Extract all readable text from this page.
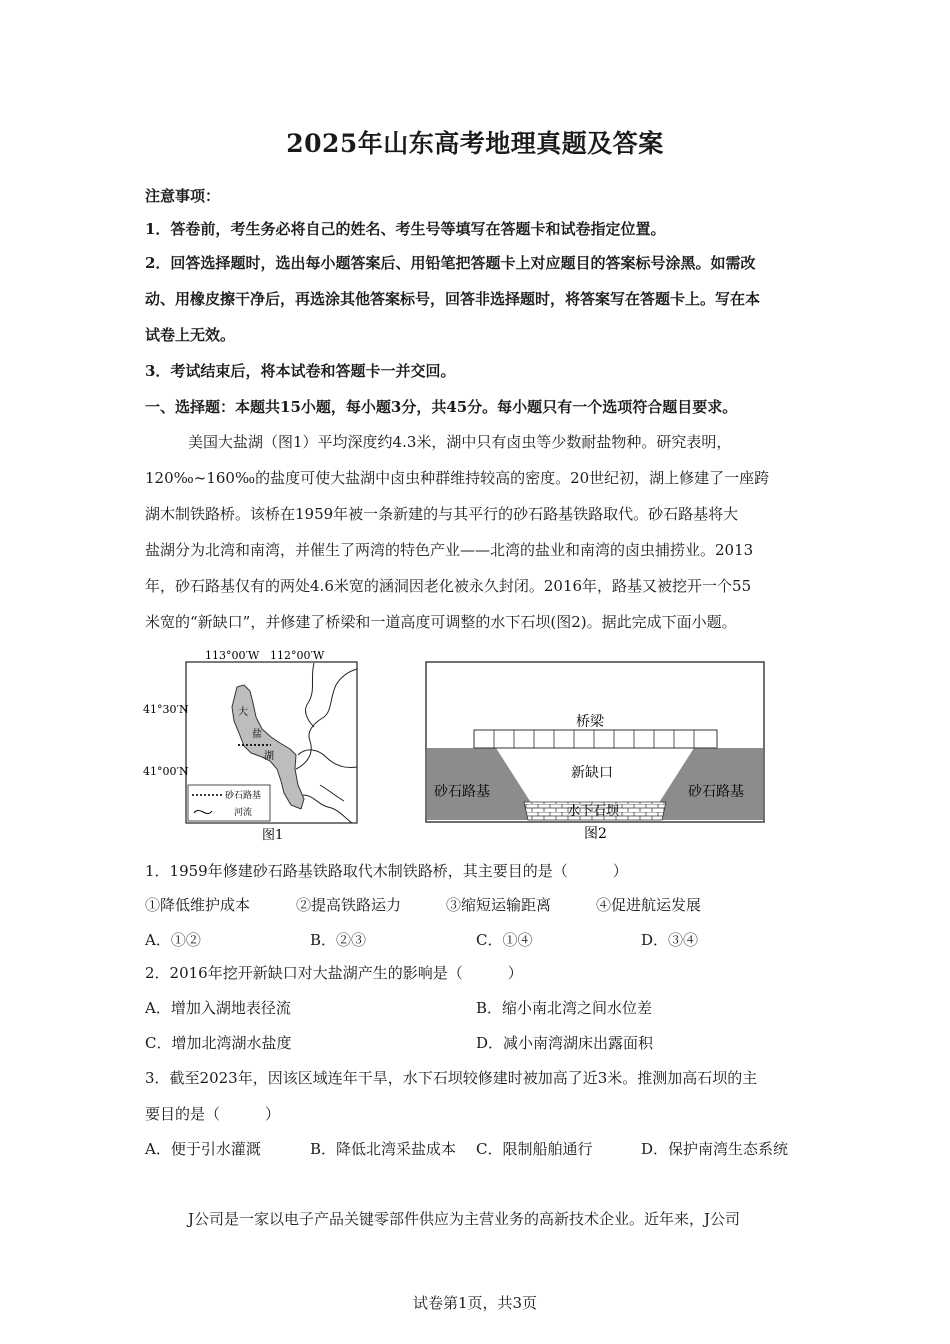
2025年山东高考地理真题及答案
注意事项：
1．答卷前，考生务必将自己的姓名、考生号等填写在答题卡和试卷指定位置。
2．回答选择题时，选出每小题答案后、用铅笔把答题卡上对应题目的答案标号涂黑。如需改
动、用橡皮擦干净后，再选涂其他答案标号，回答非选择题时，将答案写在答题卡上。写在本
试卷上无效。
3．考试结束后，将本试卷和答题卡一并交回。
一、选择题：本题共15小题，每小题3分，共45分。每小题只有一个选项符合题目要求。
美国大盐湖（图1）平均深度约4.3米，湖中只有卤虫等少数耐盐物种。研究表明，
120‰~160‰的盐度可使大盐湖中卤虫种群维持较高的密度。20世纪初，湖上修建了一座跨
湖木制铁路桥。该桥在1959年被一条新建的与其平行的砂石路基铁路取代。砂石路基将大
盐湖分为北湾和南湾，并催生了两湾的特色产业——北湾的盐业和南湾的卤虫捕捞业。2013
年，砂石路基仅有的两处4.6米宽的涵洞因老化被永久封闭。2016年，路基又被挖开一个55
米宽的“新缺口”，并修建了桥梁和一道高度可调整的水下石坝(图2)。据此完成下面小题。
113°00′W 112°00′W
41°30′N
41°00′N
大
盐
湖
砂石路基
河流
图1
桥梁
新缺口
砂石路基	砂石路基
水下石坝
图2
1．1959年修建砂石路基铁路取代木制铁路桥，其主要目的是（　　　）
①降低维护成本	②提高铁路运力	③缩短运输距离	④促进航运发展
A．①②	B．②③	C．①④	D．③④
2．2016年挖开新缺口对大盐湖产生的影响是（　　　）
A．增加入湖地表径流	B．缩小南北湾之间水位差
C．增加北湾湖水盐度	D．减小南湾湖床出露面积
3．截至2023年，因该区域连年干旱，水下石坝较修建时被加高了近3米。推测加高石坝的主
要目的是（　　　）
A．便于引水灌溉	B．降低北湾采盐成本 C．限制船舶通行	D．保护南湾生态系统
J公司是一家以电子产品关键零部件供应为主营业务的高新技术企业。近年来，J公司
试卷第1页，共3页
